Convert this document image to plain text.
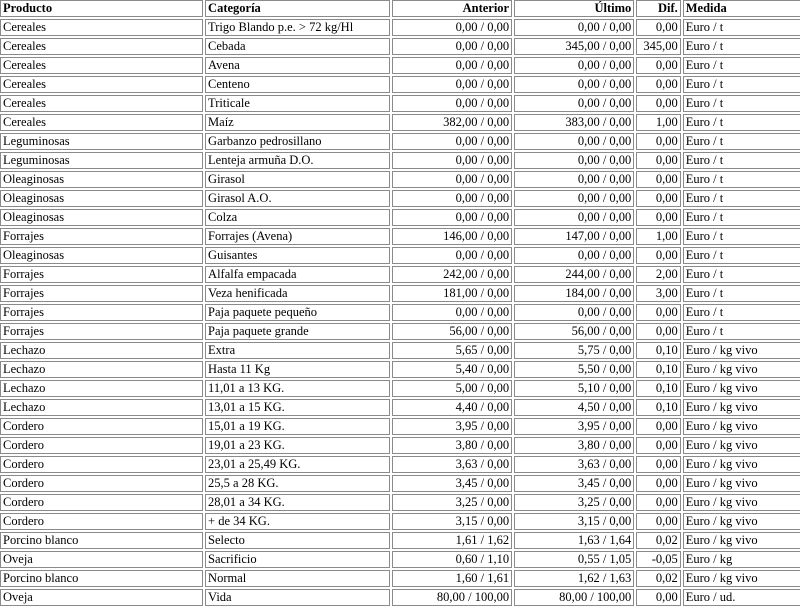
Producto	Categoría	Anterior	Último	Dif.	Medida
Cereales	Trigo Blando p.e. > 72 kg/Hl	0,00 / 0,00	0,00 / 0,00	0,00	Euro / t
Cereales	Cebada	0,00 / 0,00	345,00 / 0,00	345,00	Euro / t
Cereales	Avena	0,00 / 0,00	0,00 / 0,00	0,00	Euro / t
Cereales	Centeno	0,00 / 0,00	0,00 / 0,00	0,00	Euro / t
Cereales	Triticale	0,00 / 0,00	0,00 / 0,00	0,00	Euro / t
Cereales	Maíz	382,00 / 0,00	383,00 / 0,00	1,00	Euro / t
Leguminosas	Garbanzo pedrosillano	0,00 / 0,00	0,00 / 0,00	0,00	Euro / t
Leguminosas	Lenteja armuña D.O.	0,00 / 0,00	0,00 / 0,00	0,00	Euro / t
Oleaginosas	Girasol	0,00 / 0,00	0,00 / 0,00	0,00	Euro / t
Oleaginosas	Girasol A.O.	0,00 / 0,00	0,00 / 0,00	0,00	Euro / t
Oleaginosas	Colza	0,00 / 0,00	0,00 / 0,00	0,00	Euro / t
Forrajes	Forrajes (Avena)	146,00 / 0,00	147,00 / 0,00	1,00	Euro / t
Oleaginosas	Guisantes	0,00 / 0,00	0,00 / 0,00	0,00	Euro / t
Forrajes	Alfalfa empacada	242,00 / 0,00	244,00 / 0,00	2,00	Euro / t
Forrajes	Veza henificada	181,00 / 0,00	184,00 / 0,00	3,00	Euro / t
Forrajes	Paja paquete pequeño	0,00 / 0,00	0,00 / 0,00	0,00	Euro / t
Forrajes	Paja paquete grande	56,00 / 0,00	56,00 / 0,00	0,00	Euro / t
Lechazo	Extra	5,65 / 0,00	5,75 / 0,00	0,10	Euro / kg vivo
Lechazo	Hasta 11 Kg	5,40 / 0,00	5,50 / 0,00	0,10	Euro / kg vivo
Lechazo	11,01 a 13 KG.	5,00 / 0,00	5,10 / 0,00	0,10	Euro / kg vivo
Lechazo	13,01 a 15 KG.	4,40 / 0,00	4,50 / 0,00	0,10	Euro / kg vivo
Cordero	15,01 a 19 KG.	3,95 / 0,00	3,95 / 0,00	0,00	Euro / kg vivo
Cordero	19,01 a 23 KG.	3,80 / 0,00	3,80 / 0,00	0,00	Euro / kg vivo
Cordero	23,01 a 25,49 KG.	3,63 / 0,00	3,63 / 0,00	0,00	Euro / kg vivo
Cordero	25,5 a 28 KG.	3,45 / 0,00	3,45 / 0,00	0,00	Euro / kg vivo
Cordero	28,01 a 34 KG.	3,25 / 0,00	3,25 / 0,00	0,00	Euro / kg vivo
Cordero	+ de 34 KG.	3,15 / 0,00	3,15 / 0,00	0,00	Euro / kg vivo
Porcino blanco	Selecto	1,61 / 1,62	1,63 / 1,64	0,02	Euro / kg vivo
Oveja	Sacrificio	0,60 / 1,10	0,55 / 1,05	-0,05	Euro / kg
Porcino blanco	Normal	1,60 / 1,61	1,62 / 1,63	0,02	Euro / kg vivo
Oveja	Vida	80,00 / 100,00	80,00 / 100,00	0,00	Euro / ud.
